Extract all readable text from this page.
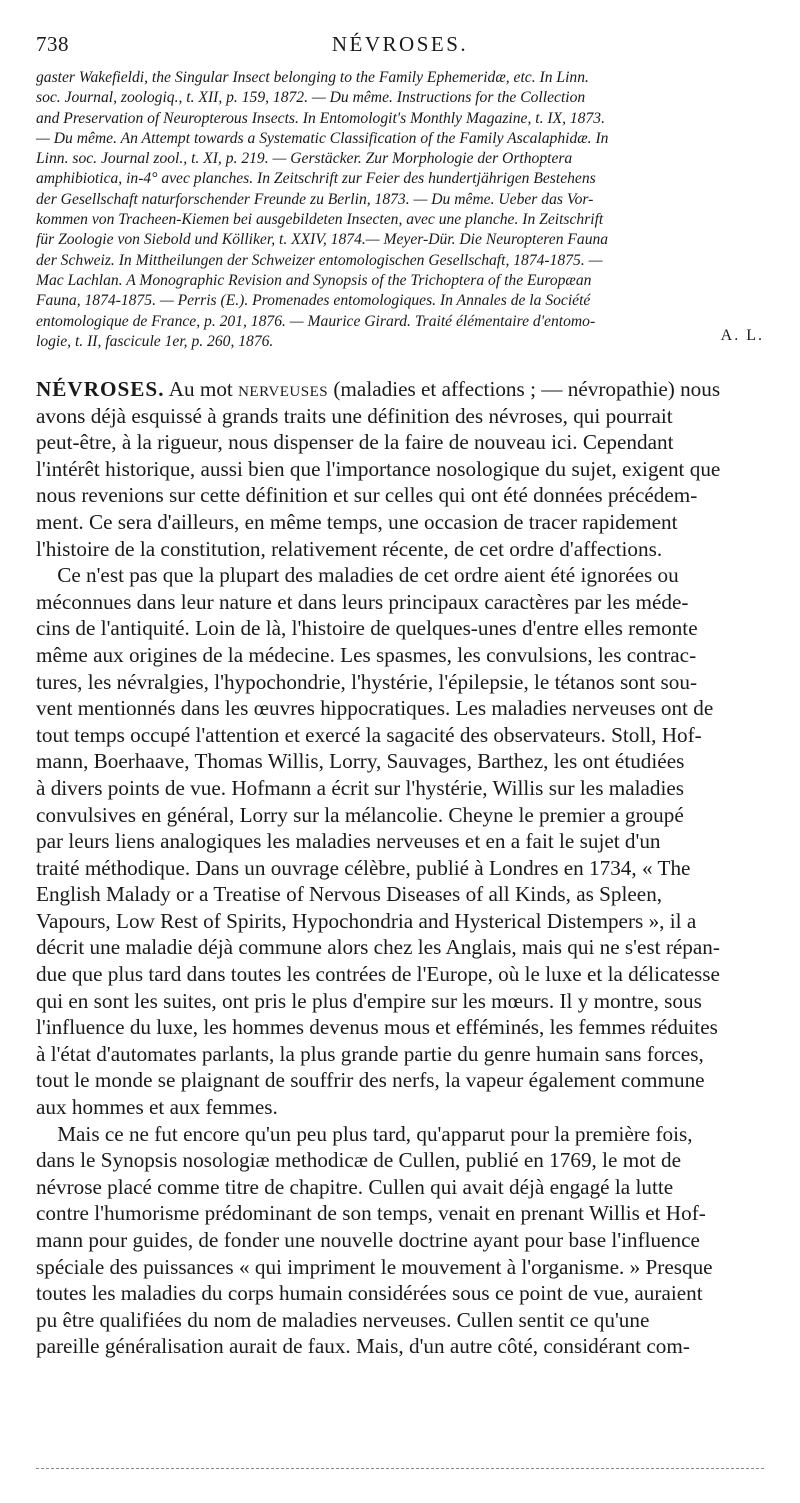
738	NÉVROSES.
gaster Wakefieldi, the Singular Insect belonging to the Family Ephemeridæ, etc. In Linn.
soc. Journal, zoologiq., t. XII, p. 159, 1872. — Du même. Instructions for the Collection
and Preservation of Neuropterous Insects. In Entomologit's Monthly Magazine, t. IX, 1873.
— Du même. An Attempt towards a Systematic Classification of the Family Ascalaphidæ. In
Linn. soc. Journal zool., t. XI, p. 219. — Gerstäcker. Zur Morphologie der Orthoptera
amphibiotica, in-4° avec planches. In Zeitschrift zur Feier des hundertjährigen Bestehens
der Gesellschaft naturforschender Freunde zu Berlin, 1873. — Du même. Ueber das Vor-
kommen von Tracheen-Kiemen bei ausgebildeten Insecten, avec une planche. In Zeitschrift
für Zoologie von Siebold und Kölliker, t. XXIV, 1874.— Meyer-Dür. Die Neuropteren Fauna
der Schweiz. In Mittheilungen der Schweizer entomologischen Gesellschaft, 1874-1875. —
Mac Lachlan. A Monographic Revision and Synopsis of the Trichoptera of the Europæan
Fauna, 1874-1875. — Perris (E.). Promenades entomologiques. In Annales de la Société
entomologique de France, p. 201, 1876. — Maurice Girard. Traité élémentaire d'entomo-
logie, t. II, fascicule 1er, p. 260, 1876.	A. L.
NÉVROSES. Au mot nerveuses (maladies et affections ; — névropathie) nous
avons déjà esquissé à grands traits une définition des névroses, qui pourrait
peut-être, à la rigueur, nous dispenser de la faire de nouveau ici. Cependant
l'intérêt historique, aussi bien que l'importance nosologique du sujet, exigent que
nous revenions sur cette définition et sur celles qui ont été données précédem-
ment. Ce sera d'ailleurs, en même temps, une occasion de tracer rapidement
l'histoire de la constitution, relativement récente, de cet ordre d'affections.
Ce n'est pas que la plupart des maladies de cet ordre aient été ignorées ou
méconnues dans leur nature et dans leurs principaux caractères par les méde-
cins de l'antiquité. Loin de là, l'histoire de quelques-unes d'entre elles remonte
même aux origines de la médecine. Les spasmes, les convulsions, les contrac-
tures, les névralgies, l'hypochondrie, l'hystérie, l'épilepsie, le tétanos sont sou-
vent mentionnés dans les œuvres hippocratiques. Les maladies nerveuses ont de
tout temps occupé l'attention et exercé la sagacité des observateurs. Stoll, Hof-
mann, Boerhaave, Thomas Willis, Lorry, Sauvages, Barthez, les ont étudiées
à divers points de vue. Hofmann a écrit sur l'hystérie, Willis sur les maladies
convulsives en général, Lorry sur la mélancolie. Cheyne le premier a groupé
par leurs liens analogiques les maladies nerveuses et en a fait le sujet d'un
traité méthodique. Dans un ouvrage célèbre, publié à Londres en 1734, « The
English Malady or a Treatise of Nervous Diseases of all Kinds, as Spleen,
Vapours, Low Rest of Spirits, Hypochondria and Hysterical Distempers », il a
décrit une maladie déjà commune alors chez les Anglais, mais qui ne s'est répan-
due que plus tard dans toutes les contrées de l'Europe, où le luxe et la délicatesse
qui en sont les suites, ont pris le plus d'empire sur les mœurs. Il y montre, sous
l'influence du luxe, les hommes devenus mous et efféminés, les femmes réduites
à l'état d'automates parlants, la plus grande partie du genre humain sans forces,
tout le monde se plaignant de souffrir des nerfs, la vapeur également commune
aux hommes et aux femmes.
Mais ce ne fut encore qu'un peu plus tard, qu'apparut pour la première fois,
dans le Synopsis nosologiæ methodicæ de Cullen, publié en 1769, le mot de
névrose placé comme titre de chapitre. Cullen qui avait déjà engagé la lutte
contre l'humorisme prédominant de son temps, venait en prenant Willis et Hof-
mann pour guides, de fonder une nouvelle doctrine ayant pour base l'influence
spéciale des puissances « qui impriment le mouvement à l'organisme. » Presque
toutes les maladies du corps humain considérées sous ce point de vue, auraient
pu être qualifiées du nom de maladies nerveuses. Cullen sentit ce qu'une
pareille généralisation aurait de faux. Mais, d'un autre côté, considérant com-
